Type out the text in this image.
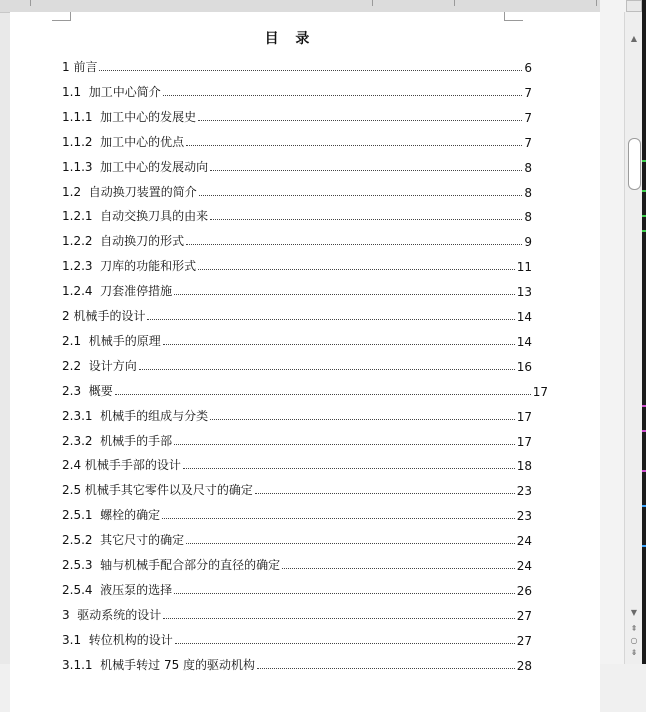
目 录
1 前言	6
1.1  加工中心简介	7
1.1.1  加工中心的发展史	7
1.1.2  加工中心的优点	7
1.1.3  加工中心的发展动向	8
1.2  自动换刀装置的简介	8
1.2.1  自动交换刀具的由来	8
1.2.2  自动换刀的形式	9
1.2.3  刀库的功能和形式	11
1.2.4  刀套准停措施	13
2 机械手的设计	14
2.1  机械手的原理	14
2.2  设计方向	16
2.3  概要	17
2.3.1  机械手的组成与分类	17
2.3.2  机械手的手部	17
2.4 机械手手部的设计	18
2.5 机械手其它零件以及尺寸的确定	23
2.5.1  螺栓的确定	23
2.5.2  其它尺寸的确定	24
2.5.3  轴与机械手配合部分的直径的确定	24
2.5.4  液压泵的选择	26
3  驱动系统的设计	27
3.1  转位机构的设计	27
3.1.1  机械手转过 75 度的驱动机构	28
▲
▼
⇞
○
⇟
